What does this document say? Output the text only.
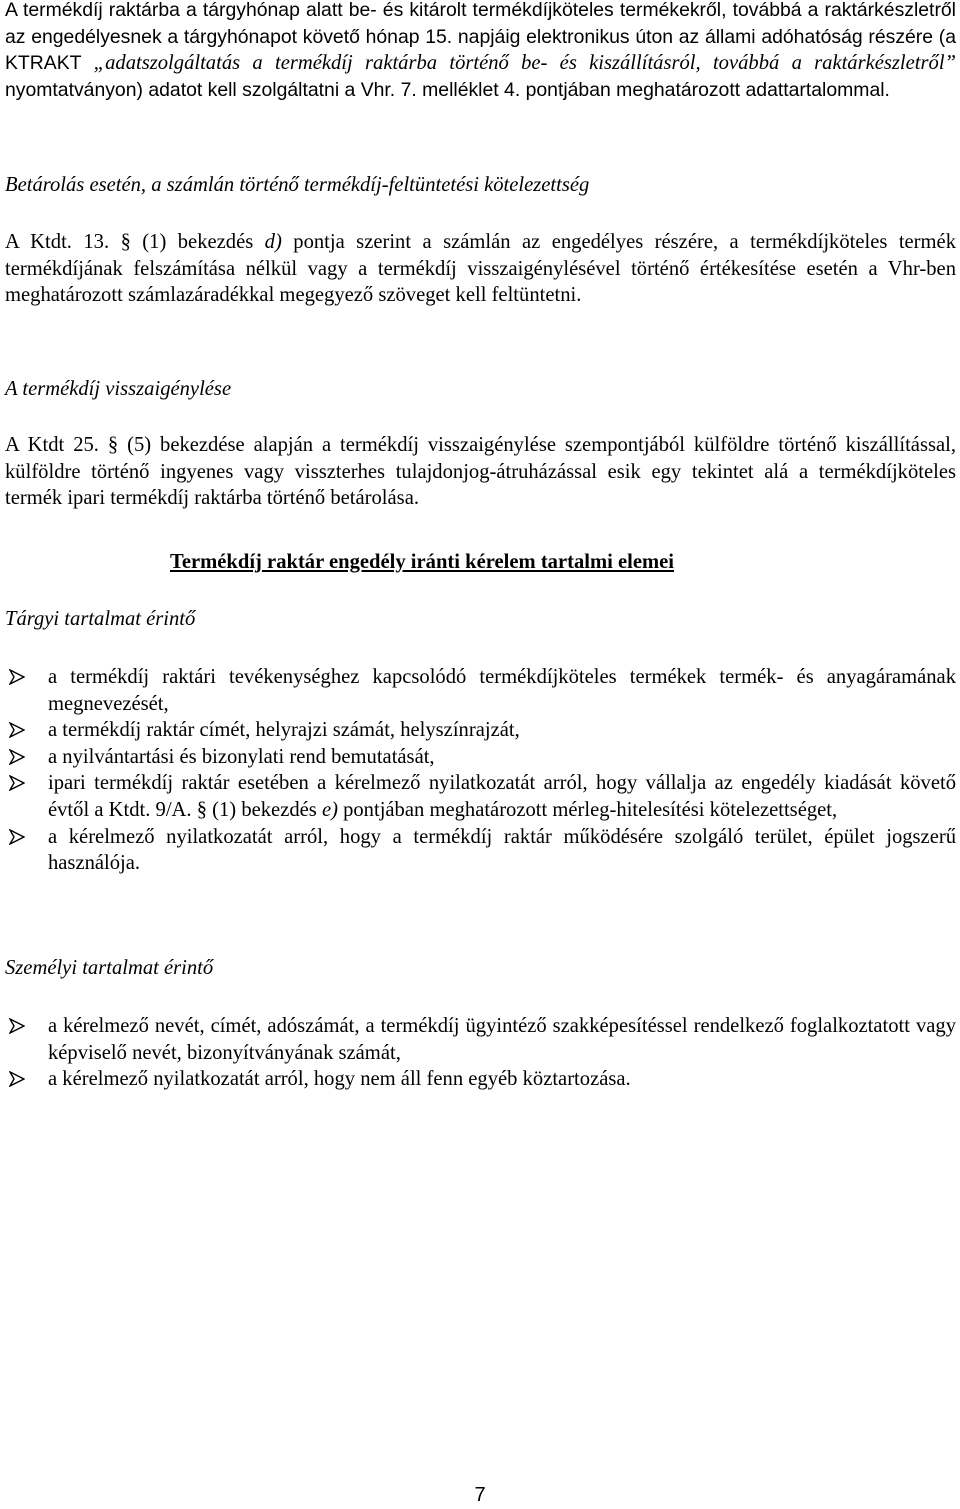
A termékdíj raktárba a tárgyhónap alatt be- és kitárolt termékdíjköteles termékekről, továbbá a raktárkészletről az engedélyesnek a tárgyhónapot követő hónap 15. napjáig elektronikus úton az állami adóhatóság részére (a KTRAKT „adatszolgáltatás a termékdíj raktárba történő be- és kiszállításról, továbbá a raktárkészletről” nyomtatványon) adatot kell szolgáltatni a Vhr. 7. melléklet 4. pontjában meghatározott adattartalommal.

Betárolás esetén, a számlán történő termékdíj-feltüntetési kötelezettség

A Ktdt. 13. § (1) bekezdés d) pontja szerint a számlán az engedélyes részére, a termékdíjköteles termék termékdíjának felszámítása nélkül vagy a termékdíj visszaigénylésével történő értékesítése esetén a Vhr-ben meghatározott számlazáradékkal megegyező szöveget kell feltüntetni.

A termékdíj visszaigénylése

A Ktdt 25. § (5) bekezdése alapján a termékdíj visszaigénylése szempontjából külföldre történő kiszállítással, külföldre történő ingyenes vagy visszterhes tulajdonjog-átruházással esik egy tekintet alá a termékdíjköteles termék ipari termékdíj raktárba történő betárolása.

Termékdíj raktár engedély iránti kérelem tartalmi elemei

Tárgyi tartalmat érintő

a termékdíj raktári tevékenységhez kapcsolódó termékdíjköteles termékek termék- és anyagáramának megnevezését,
a termékdíj raktár címét, helyrajzi számát, helyszínrajzát,
a nyilvántartási és bizonylati rend bemutatását,
ipari termékdíj raktár esetében a kérelmező nyilatkozatát arról, hogy vállalja az engedély kiadását követő évtől a Ktdt. 9/A. § (1) bekezdés e) pontjában meghatározott mérleg-hitelesítési kötelezettséget,
a kérelmező nyilatkozatát arról, hogy a termékdíj raktár működésére szolgáló terület, épület jogszerű használója.

Személyi tartalmat érintő

a kérelmező nevét, címét, adószámát, a termékdíj ügyintéző szakképesítéssel rendelkező foglalkoztatott vagy képviselő nevét, bizonyítványának számát,
a kérelmező nyilatkozatát arról, hogy nem áll fenn egyéb köztartozása.
7
